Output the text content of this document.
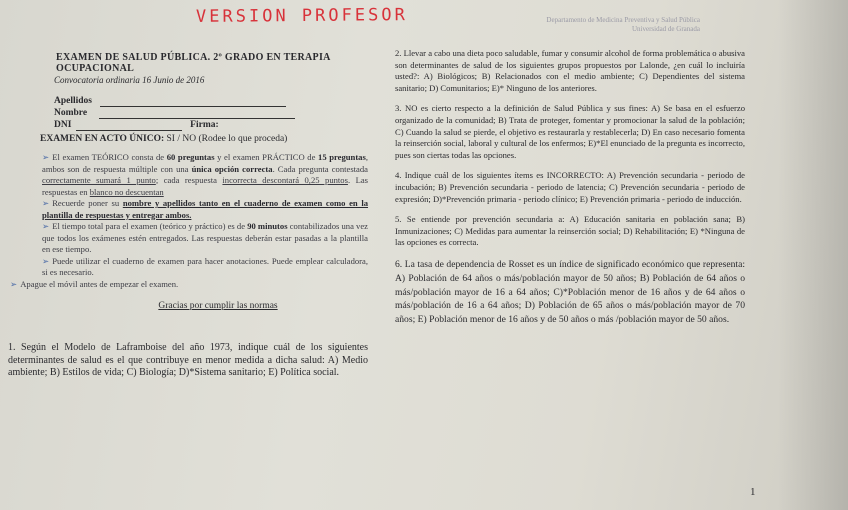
VERSION PROFESOR	Departamento de Medicina Preventiva y Salud Pública
Universidad de Granada
EXAMEN DE SALUD PÚBLICA. 2º GRADO EN TERAPIA OCUPACIONAL
Convocatoria ordinaria 16 Junio de 2016
Apellidos
Nombre
DNI	Firma:
EXAMEN EN ACTO ÚNICO: SI / NO (Rodee lo que proceda)
➢ El examen TEÓRICO consta de 60 preguntas y el examen PRÁCTICO de 15 preguntas, ambos son de respuesta múltiple con una única opción correcta. Cada pregunta contestada correctamente sumará 1 punto; cada respuesta incorrecta descontará 0,25 puntos. Las respuestas en blanco no descuentan
➢ Recuerde poner su nombre y apellidos tanto en el cuaderno de examen como en la plantilla de respuestas y entregar ambos.
➢ El tiempo total para el examen (teórico y práctico) es de 90 minutos contabilizados una vez que todos los exámenes estén entregados. Las respuestas deberán estar pasadas a la plantilla en ese tiempo.
➢ Puede utilizar el cuaderno de examen para hacer anotaciones. Puede emplear calculadora, si es necesario.
➢ Apague el móvil antes de empezar el examen.
Gracias por cumplir las normas
1. Según el Modelo de Laframboise del año 1973, indique cuál de los siguientes determinantes de salud es el que contribuye en menor medida a dicha salud: A) Medio ambiente; B) Estilos de vida; C) Biología; D)*Sistema sanitario; E) Política social.
2. Llevar a cabo una dieta poco saludable, fumar y consumir alcohol de forma problemática o abusiva son determinantes de salud de los siguientes grupos propuestos por Lalonde, ¿en cuál lo incluiría usted?: A) Biológicos; B) Relacionados con el medio ambiente; C) Dependientes del sistema sanitario; D) Comunitarios; E)* Ninguno de los anteriores.
3. NO es cierto respecto a la definición de Salud Pública y sus fines: A) Se basa en el esfuerzo organizado de la comunidad; B) Trata de proteger, fomentar y promocionar la salud de la población; C) Cuando la salud se pierde, el objetivo es restaurarla y restablecerla; D) En caso necesario fomenta la reinserción social, laboral y cultural de los enfermos; E)*El enunciado de la pregunta es incorrecto, pues son ciertas todas las opciones.
4. Indique cuál de los siguientes ítems es INCORRECTO: A) Prevención secundaria - periodo de incubación; B) Prevención secundaria - periodo de latencia; C) Prevención secundaria - periodo de expresión; D)*Prevención primaria - periodo clínico; E) Prevención primaria - periodo de inducción.
5. Se entiende por prevención secundaria a: A) Educación sanitaria en población sana; B) Inmunizaciones; C) Medidas para aumentar la reinserción social; D) Rehabilitación; E) *Ninguna de las opciones es correcta.
6. La tasa de dependencia de Rosset es un índice de significado económico que representa: A) Población de 64 años o más/población mayor de 50 años; B) Población de 64 años o más/población mayor de 16 a 64 años; C)*Población menor de 16 años y de 64 años o más/población de 16 a 64 años; D) Población de 65 años o más/población mayor de 70 años; E) Población menor de 16 años y de 50 años o más /población mayor de 50 años.
1
